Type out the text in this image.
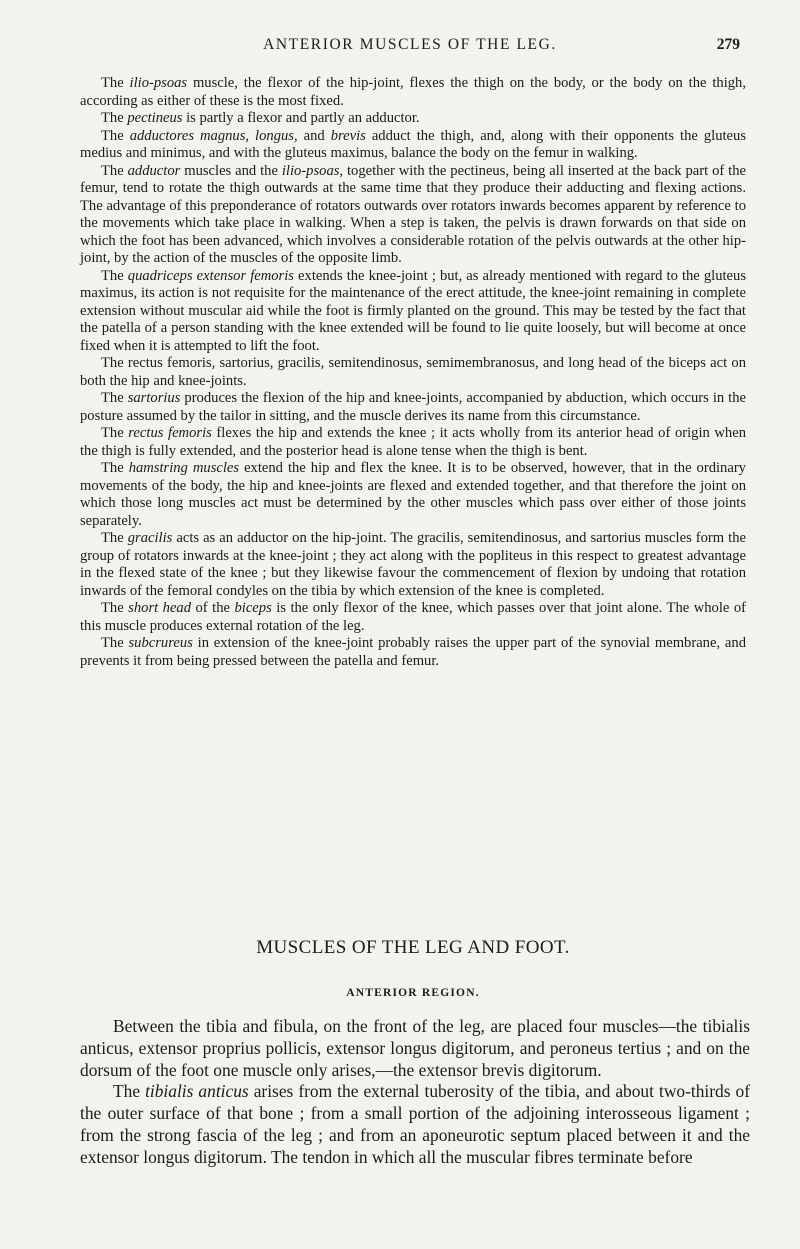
ANTERIOR MUSCLES OF THE LEG.	279

The ilio-psoas muscle, the flexor of the hip-joint, flexes the thigh on the body, or the body on the thigh, according as either of these is the most fixed.

The pectineus is partly a flexor and partly an adductor.

The adductores magnus, longus, and brevis adduct the thigh, and, along with their opponents the gluteus medius and minimus, and with the gluteus maximus, balance the body on the femur in walking.

The adductor muscles and the ilio-psoas, together with the pectineus, being all inserted at the back part of the femur, tend to rotate the thigh outwards at the same time that they produce their adducting and flexing actions. The advantage of this preponderance of rotators outwards over rotators inwards becomes apparent by reference to the movements which take place in walking. When a step is taken, the pelvis is drawn forwards on that side on which the foot has been advanced, which involves a considerable rotation of the pelvis outwards at the other hip-joint, by the action of the muscles of the opposite limb.

The quadriceps extensor femoris extends the knee-joint ; but, as already mentioned with regard to the gluteus maximus, its action is not requisite for the maintenance of the erect attitude, the knee-joint remaining in complete extension without muscular aid while the foot is firmly planted on the ground. This may be tested by the fact that the patella of a person standing with the knee extended will be found to lie quite loosely, but will become at once fixed when it is attempted to lift the foot.

The rectus femoris, sartorius, gracilis, semitendinosus, semimembranosus, and long head of the biceps act on both the hip and knee-joints.

The sartorius produces the flexion of the hip and knee-joints, accompanied by abduction, which occurs in the posture assumed by the tailor in sitting, and the muscle derives its name from this circumstance.

The rectus femoris flexes the hip and extends the knee ; it acts wholly from its anterior head of origin when the thigh is fully extended, and the posterior head is alone tense when the thigh is bent.

The hamstring muscles extend the hip and flex the knee. It is to be observed, however, that in the ordinary movements of the body, the hip and knee-joints are flexed and extended together, and that therefore the joint on which those long muscles act must be determined by the other muscles which pass over either of those joints separately.

The gracilis acts as an adductor on the hip-joint. The gracilis, semitendinosus, and sartorius muscles form the group of rotators inwards at the knee-joint ; they act along with the popliteus in this respect to greatest advantage in the flexed state of the knee ; but they likewise favour the commencement of flexion by undoing that rotation inwards of the femoral condyles on the tibia by which extension of the knee is completed.

The short head of the biceps is the only flexor of the knee, which passes over that joint alone. The whole of this muscle produces external rotation of the leg.

The subcrureus in extension of the knee-joint probably raises the upper part of the synovial membrane, and prevents it from being pressed between the patella and femur.

MUSCLES OF THE LEG AND FOOT.
ANTERIOR REGION.

Between the tibia and fibula, on the front of the leg, are placed four muscles—the tibialis anticus, extensor proprius pollicis, extensor longus digitorum, and peroneus tertius ; and on the dorsum of the foot one muscle only arises,—the extensor brevis digitorum.

The tibialis anticus arises from the external tuberosity of the tibia, and about two-thirds of the outer surface of that bone ; from a small portion of the adjoining interosseous ligament ; from the strong fascia of the leg ; and from an aponeurotic septum placed between it and the extensor longus digitorum. The tendon in which all the muscular fibres terminate before
